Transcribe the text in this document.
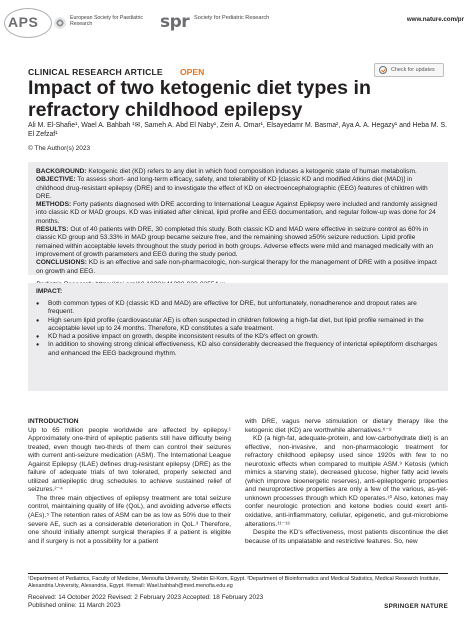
APS	European Society for Paediatric Research	spr Society for Pediatric Research	www.nature.com/pr
CLINICAL RESEARCH ARTICLE OPEN	Check for updates
Impact of two ketogenic diet types in refractory childhood epilepsy
Ali M. El-Shafie¹, Wael A. Bahbah ¹✉, Sameh A. Abd El Naby¹, Zein A. Omar¹, Elsayedamr M. Basma², Aya A. A. Hegazy¹ and Heba M. S. El Zefzaf¹
© The Author(s) 2023

BACKGROUND: Ketogenic diet (KD) refers to any diet in which food composition induces a ketogenic state of human metabolism.

OBJECTIVE: To assess short- and long-term efficacy, safety, and tolerability of KD [classic KD and modified Atkins diet (MAD)] in childhood drug-resistant epilepsy (DRE) and to investigate the effect of KD on electroencephalographic (EEG) features of children with DRE.

METHODS: Forty patients diagnosed with DRE according to International League Against Epilepsy were included and randomly assigned into classic KD or MAD groups. KD was initiated after clinical, lipid profile and EEG documentation, and regular follow-up was done for 24 months.

RESULTS: Out of 40 patients with DRE, 30 completed this study. Both classic KD and MAD were effective in seizure control as 60% in classic KD group and 53.33% in MAD group became seizure free, and the remaining showed ≥50% seizure reduction. Lipid profile remained within acceptable levels throughout the study period in both groups. Adverse effects were mild and managed medically with an improvement of growth parameters and EEG during the study period.

CONCLUSIONS: KD is an effective and safe non-pharmacologic, non-surgical therapy for the management of DRE with a positive impact on growth and EEG.

IMPACT:
● Both common types of KD (classic KD and MAD) are effective for DRE, but unfortunately, nonadherence and dropout rates are frequent.
● High serum lipid profile (cardiovascular AE) is often suspected in children following a high-fat diet, but lipid profile remained in the acceptable level up to 24 months. Therefore, KD constitutes a safe treatment.
● KD had a positive impact on growth, despite inconsistent results of the KD's effect on growth.
● In addition to showing strong clinical effectiveness, KD also considerably decreased the frequency of interictal epileptiform discharges and enhanced the EEG background rhythm.
INTRODUCTION

Up to 65 million people worldwide are affected by epilepsy.¹ Approximately one-third of epileptic patients still have difficulty being treated, even though two-thirds of them can control their seizures with current anti-seizure medication (ASM). The International League Against Epilepsy (ILAE) defines drug-resistant epilepsy (DRE) as the failure of adequate trials of two tolerated, properly selected and utilized antiepileptic drug schedules to achieve sustained relief of seizures.²⁻⁴

The three main objectives of epilepsy treatment are total seizure control, maintaining quality of life (QoL), and avoiding adverse effects (AEs).⁵ The retention rates of ASM can be as low as 50% due to their severe AE, such as a considerable deterioration in QoL.³ Therefore, one should initially attempt surgical therapies if a patient is eligible and if surgery is not a possibility for a patient

with DRE, vagus nerve stimulation or dietary therapy like the ketogenic diet (KD) are worthwhile alternatives.⁶⁻⁸

KD (a high-fat, adequate-protein, and low-carbohydrate diet) is an effective, non-invasive, and non-pharmacologic treatment for refractory childhood epilepsy used since 1920s with few to no neurotoxic effects when compared to multiple ASM.⁹ Ketosis (which mimics a starving state), decreased glucose, higher fatty acid levels (which improve bioenergetic reserves), anti-epileptogenic properties and neuroprotective properties are only a few of the various, as-yet-unknown processes through which KD operates.¹⁰ Also, ketones may confer neurologic protection and ketone bodies could exert anti-oxidative, anti-inflammatory, cellular, epigenetic, and gut-microbiome alterations.¹¹⁻¹³

Despite the KD's effectiveness, most patients discontinue the diet because of its unpalatable and restrictive features. So, new

¹Department of Pediatrics, Faculty of Medicine, Menoufia University, Shebin El-Kom, Egypt. ²Department of Bioinformatics and Medical Statistics, Medical Research Institute, Alexandria University, Alexandria, Egypt. ✉email: Wael.bahbah@med.menofia.edu.eg
Received: 14 October 2022 Revised: 2 February 2023 Accepted: 18 February 2023
Published online: 11 March 2023	SPRINGER NATURE
